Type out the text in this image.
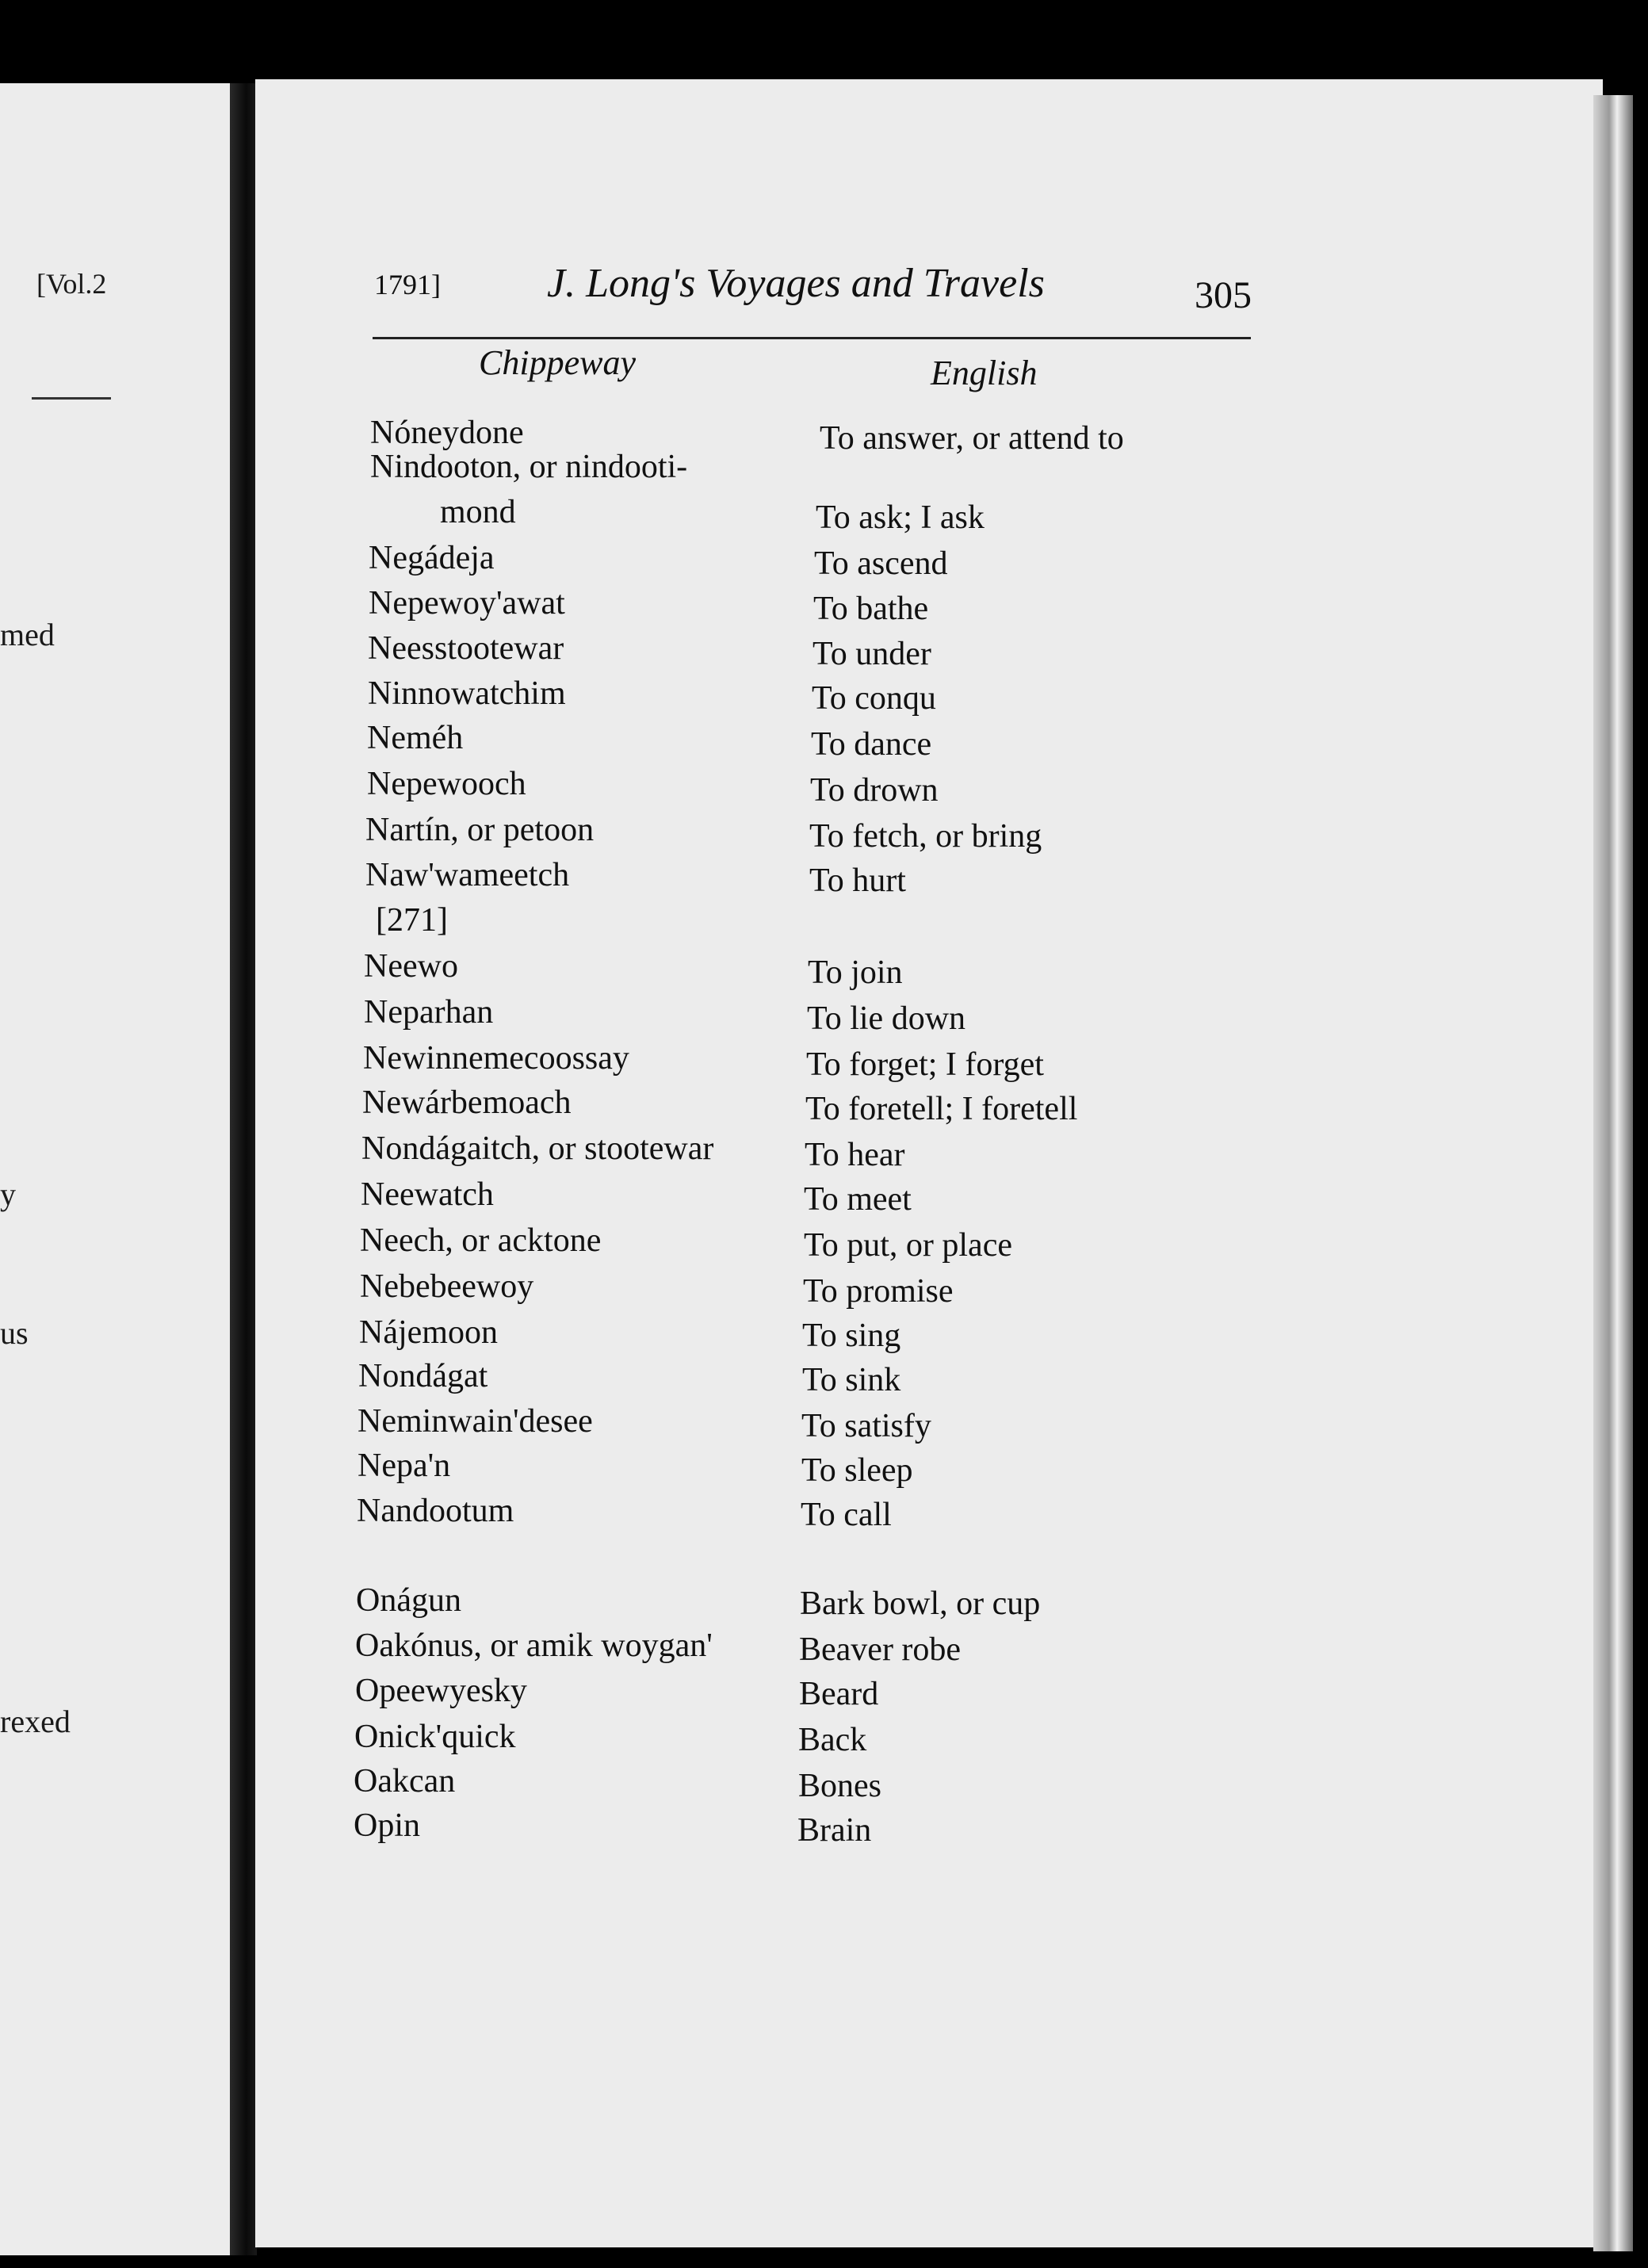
[Vol.2
med
y
us
rexed
1791]	J. Long's Voyages and Travels	305
Chippeway	English
Nóneydone	To answer, or attend to
Nindooton, or nindooti-
mond	To ask; I ask
Negádeja	To ascend
Nepewoy'awat	To bathe
Neesstootewar	To under
Ninnowatchim	To conqu
Neméh	To dance
Nepewooch	To drown
Nartín, or petoon	To fetch, or bring
Naw'wameetch	To hurt
[271]
Neewo	To join
Neparhan	To lie down
Newinnemecoossay	To forget; I forget
Newárbemoach	To foretell; I foretell
Nondágaitch, or stootewar	To hear
Neewatch	To meet
Neech, or acktone	To put, or place
Nebebeewoy	To promise
Nájemoon	To sing
Nondágat	To sink
Neminwain'desee	To satisfy
Nepa'n	To sleep
Nandootum	To call
Onágun	Bark bowl, or cup
Oakónus, or amik woygan'	Beaver robe
Opeewyesky	Beard
Onick'quick	Back
Oakcan	Bones
Opin	Brain
